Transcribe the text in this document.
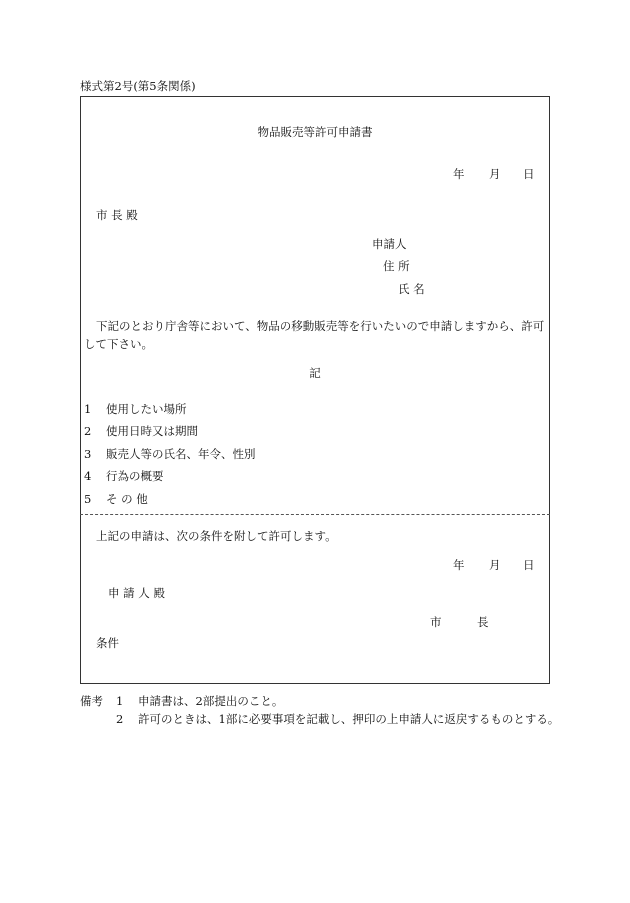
様式第2号(第5条関係)
物品販売等許可申請書
年 月 日
市 長 殿
申請人
住 所
氏 名
下記のとおり庁舎等において、物品の移動販売等を行いたいので申請しますから、許可して下さい。
記
1 使用したい場所
2 使用日時又は期間
3 販売人等の氏名、年令、性別
4 行為の概要
5 そ の 他
上記の申請は、次の条件を附して許可します。
年 月 日
申 請 人 殿
市	長
条件
備考 1 申請書は、2部提出のこと。
2 許可のときは、1部に必要事項を記載し、押印の上申請人に返戻するものとする。
